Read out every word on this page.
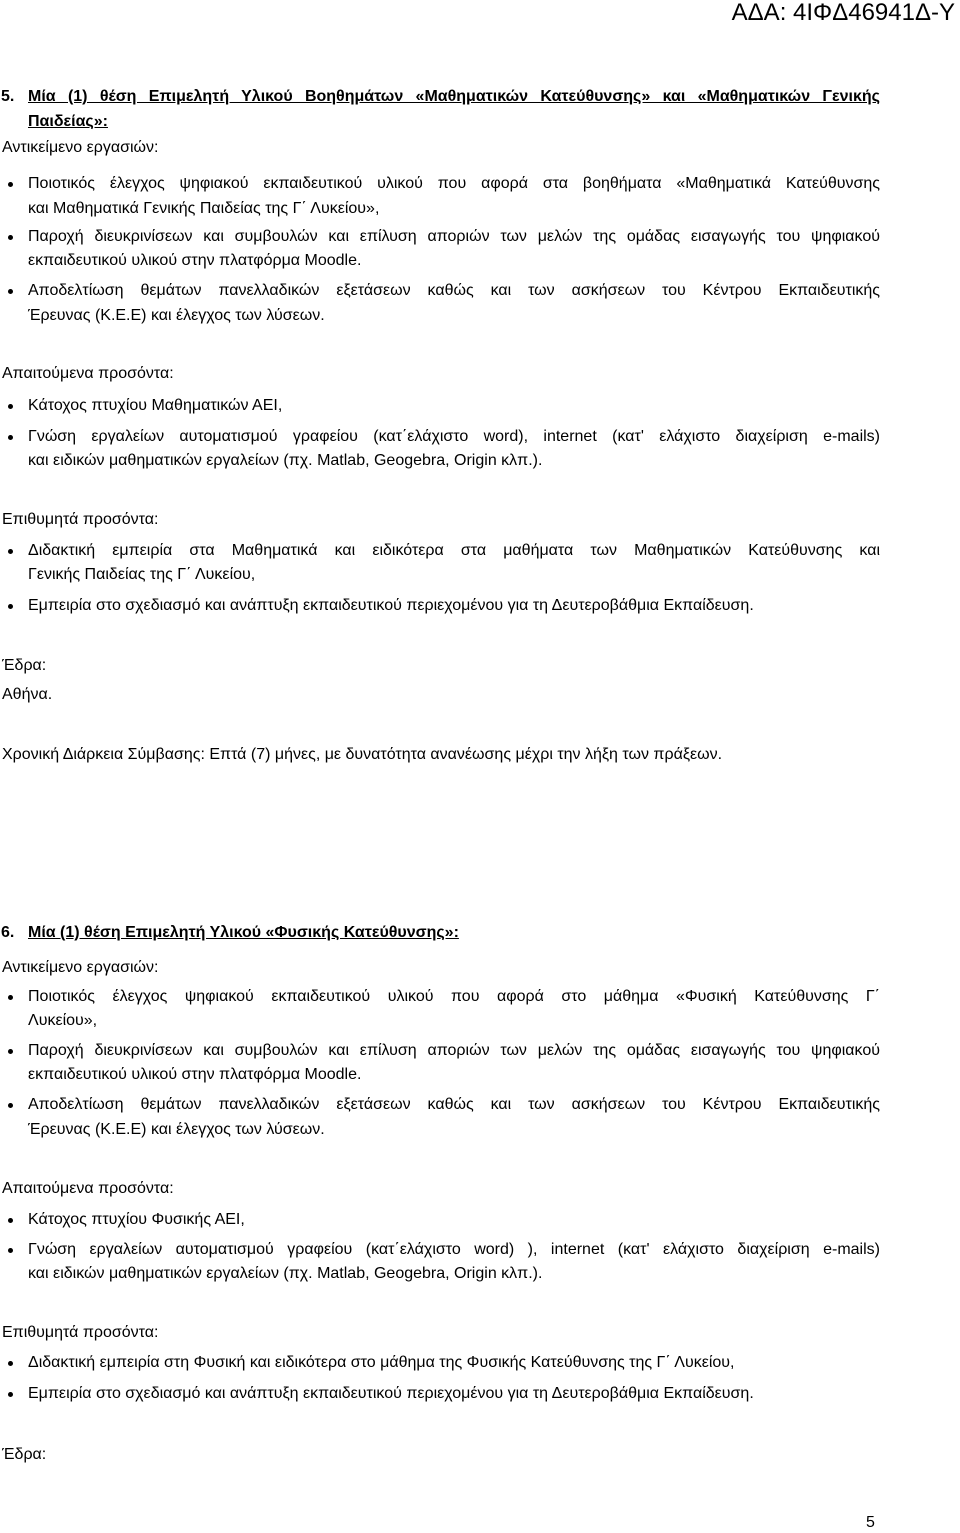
ΑΔΑ: 4ΙΦΔ46941Δ-Υ
5. Μία (1) θέση Επιμελητή Υλικού Βοηθημάτων «Μαθηματικών Κατεύθυνσης» και «Μαθηματικών Γενικής
Παιδείας»:
Αντικείμενο εργασιών:
Ποιοτικός έλεγχος ψηφιακού εκπαιδευτικού υλικού που αφορά στα βοηθήματα «Μαθηματικά Κατεύθυνσης
και Μαθηματικά Γενικής Παιδείας της Γ΄ Λυκείου»,
Παροχή διευκρινίσεων και συμβουλών και επίλυση αποριών των μελών της ομάδας εισαγωγής του ψηφιακού
εκπαιδευτικού υλικού στην πλατφόρμα Moodle.
Αποδελτίωση θεμάτων πανελλαδικών εξετάσεων καθώς και των ασκήσεων του Κέντρου Εκπαιδευτικής
Έρευνας (Κ.Ε.Ε) και έλεγχος των λύσεων.
Απαιτούμενα προσόντα:
Κάτοχος πτυχίου Μαθηματικών ΑΕΙ,
Γνώση εργαλείων αυτοματισμού γραφείου (κατ΄ελάχιστο word), internet (κατ' ελάχιστο διαχείριση e-mails)
και ειδικών μαθηματικών εργαλείων (πχ. Matlab, Geogebra, Origin κλπ.).
Επιθυμητά προσόντα:
Διδακτική εμπειρία στα Μαθηματικά και ειδικότερα στα μαθήματα των Μαθηματικών Κατεύθυνσης και
Γενικής Παιδείας της Γ΄ Λυκείου,
Εμπειρία στο σχεδιασμό και ανάπτυξη εκπαιδευτικού περιεχομένου για τη Δευτεροβάθμια Εκπαίδευση.
Έδρα:
Αθήνα.
Χρονική Διάρκεια Σύμβασης: Επτά (7) μήνες, με δυνατότητα ανανέωσης μέχρι την λήξη των πράξεων.
6. Μία (1) θέση Επιμελητή Υλικού «Φυσικής Κατεύθυνσης»:
Αντικείμενο εργασιών:
Ποιοτικός έλεγχος ψηφιακού εκπαιδευτικού υλικού που αφορά στο μάθημα «Φυσική Κατεύθυνσης Γ΄
Λυκείου»,
Παροχή διευκρινίσεων και συμβουλών και επίλυση αποριών των μελών της ομάδας εισαγωγής του ψηφιακού
εκπαιδευτικού υλικού στην πλατφόρμα Moodle.
Αποδελτίωση θεμάτων πανελλαδικών εξετάσεων καθώς και των ασκήσεων του Κέντρου Εκπαιδευτικής
Έρευνας (Κ.Ε.Ε) και έλεγχος των λύσεων.
Απαιτούμενα προσόντα:
Κάτοχος πτυχίου Φυσικής ΑΕΙ,
Γνώση εργαλείων αυτοματισμού γραφείου (κατ΄ελάχιστο word) ), internet (κατ' ελάχιστο διαχείριση e-mails)
και ειδικών μαθηματικών εργαλείων (πχ. Matlab, Geogebra, Origin κλπ.).
Επιθυμητά προσόντα:
Διδακτική εμπειρία στη Φυσική και ειδικότερα στο μάθημα της Φυσικής Κατεύθυνσης της Γ΄ Λυκείου,
Εμπειρία στο σχεδιασμό και ανάπτυξη εκπαιδευτικού περιεχομένου για τη Δευτεροβάθμια Εκπαίδευση.
Έδρα:
5
